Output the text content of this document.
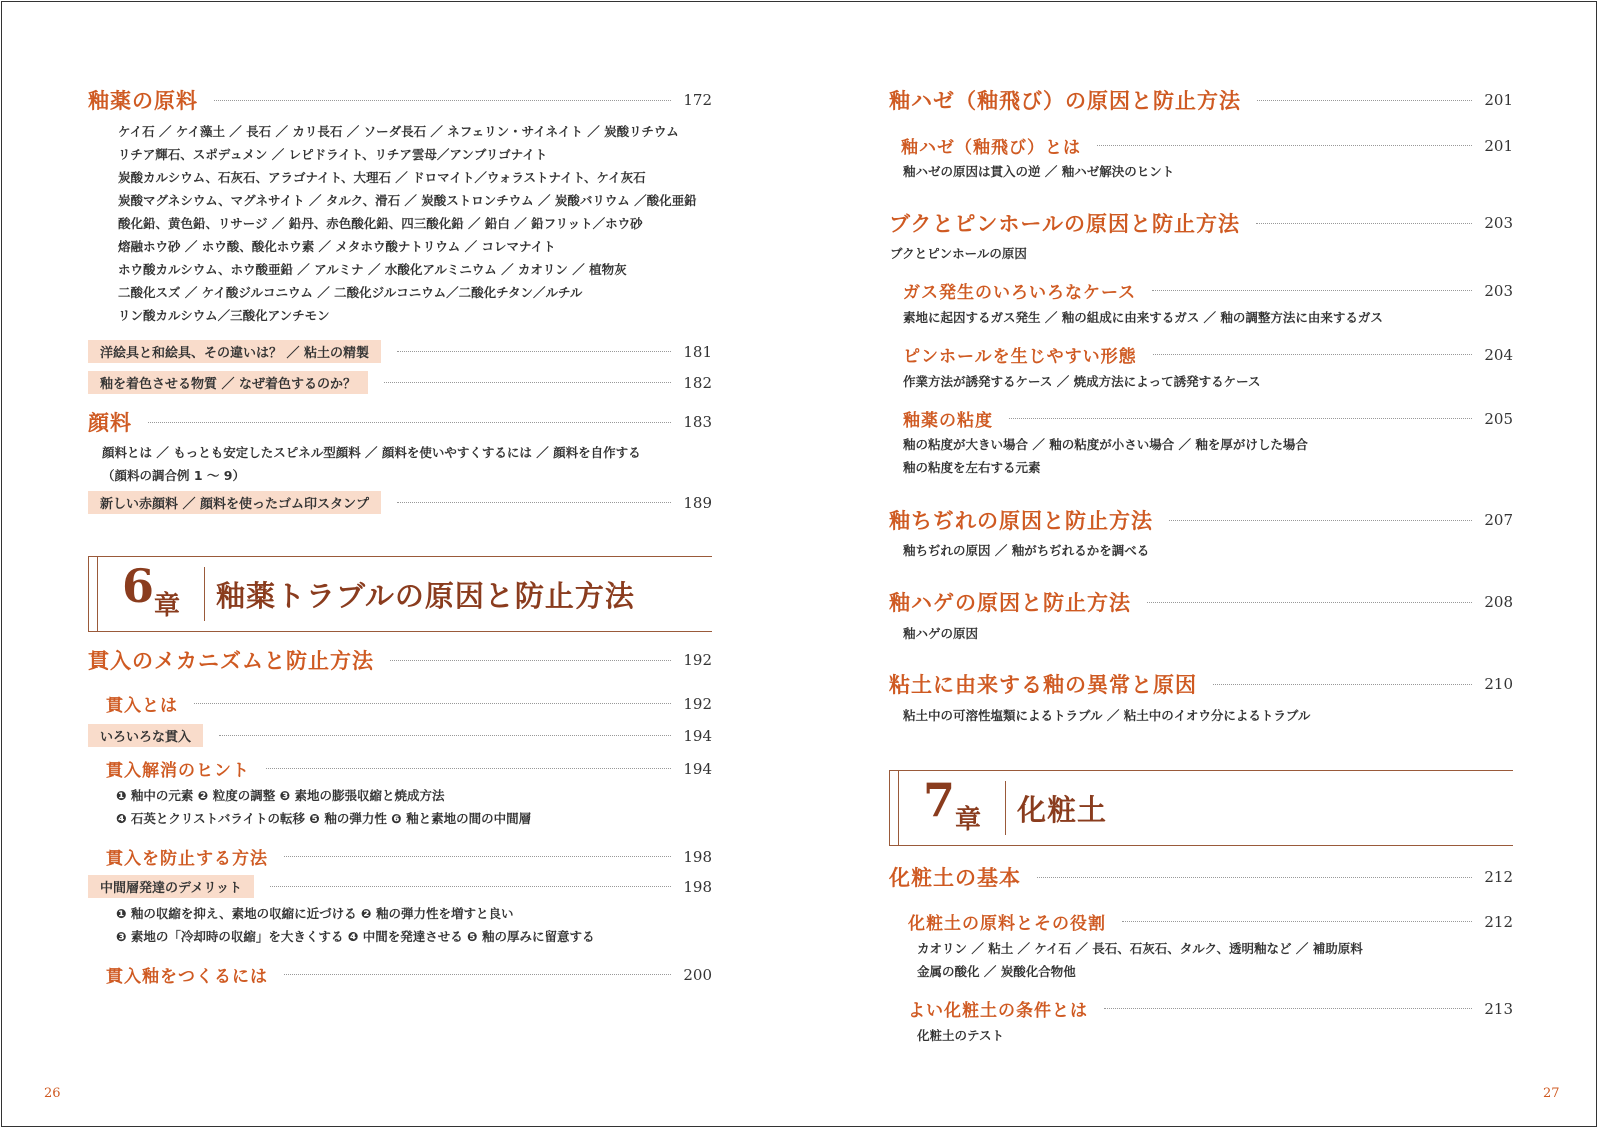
釉薬の原料	172
ケイ石 ／ ケイ藻土 ／ 長石 ／ カリ長石 ／ ソーダ長石 ／ ネフェリン・サイネイト ／ 炭酸リチウム
リチア輝石、スポデュメン ／ レピドライト、リチア雲母／アンブリゴナイト
炭酸カルシウム、石灰石、アラゴナイト、大理石 ／ ドロマイト／ウォラストナイト、ケイ灰石
炭酸マグネシウム、マグネサイト ／ タルク、滑石 ／ 炭酸ストロンチウム ／ 炭酸バリウム ／酸化亜鉛
酸化鉛、黄色鉛、リサージ ／ 鉛丹、赤色酸化鉛、四三酸化鉛 ／ 鉛白 ／ 鉛フリット／ホウ砂
熔融ホウ砂 ／ ホウ酸、酸化ホウ素 ／ メタホウ酸ナトリウム ／ コレマナイト
ホウ酸カルシウム、ホウ酸亜鉛 ／ アルミナ ／ 水酸化アルミニウム ／ カオリン ／ 植物灰
二酸化スズ ／ ケイ酸ジルコニウム ／ 二酸化ジルコニウム／二酸化チタン／ルチル
リン酸カルシウム／三酸化アンチモン
洋絵具と和絵具、その違いは？ ／ 粘土の精製	181
釉を着色させる物質 ／ なぜ着色するのか？	182
顔料	183
顔料とは ／ もっとも安定したスピネル型顔料 ／ 顔料を使いやすくするには ／ 顔料を自作する
（顔料の調合例 1 ～ 9）
新しい赤顔料 ／ 顔料を使ったゴム印スタンプ	189
6 章 釉薬トラブルの原因と防止方法
貫入のメカニズムと防止方法	192
貫入とは	192
いろいろな貫入	194
貫入解消のヒント	194
❶ 釉中の元素 ❷ 粒度の調整 ❸ 素地の膨張収縮と焼成方法
❹ 石英とクリストバライトの転移 ❺ 釉の弾力性 ❻ 釉と素地の間の中間層
貫入を防止する方法	198
中間層発達のデメリット	198
❶ 釉の収縮を抑え、素地の収縮に近づける ❷ 釉の弾力性を増すと良い
❸ 素地の「冷却時の収縮」を大きくする ❹ 中間を発達させる ❺ 釉の厚みに留意する
貫入釉をつくるには	200
26
釉ハゼ（釉飛び）の原因と防止方法	201
釉ハゼ（釉飛び）とは	201
釉ハゼの原因は貫入の逆 ／ 釉ハゼ解決のヒント
ブクとピンホールの原因と防止方法	203
ブクとピンホールの原因
ガス発生のいろいろなケース	203
素地に起因するガス発生 ／ 釉の組成に由来するガス ／ 釉の調整方法に由来するガス
ピンホールを生じやすい形態	204
作業方法が誘発するケース ／ 焼成方法によって誘発するケース
釉薬の粘度	205
釉の粘度が大きい場合 ／ 釉の粘度が小さい場合 ／ 釉を厚がけした場合
釉の粘度を左右する元素
釉ちぢれの原因と防止方法	207
釉ちぢれの原因 ／ 釉がちぢれるかを調べる
釉ハゲの原因と防止方法	208
釉ハゲの原因
粘土に由来する釉の異常と原因	210
粘土中の可溶性塩類によるトラブル ／ 粘土中のイオウ分によるトラブル
7 章 化粧土
化粧土の基本	212
化粧土の原料とその役割	212
カオリン ／ 粘土 ／ ケイ石 ／ 長石、石灰石、タルク、透明釉など ／ 補助原料
金属の酸化 ／ 炭酸化合物他
よい化粧土の条件とは	213
化粧土のテスト
27
